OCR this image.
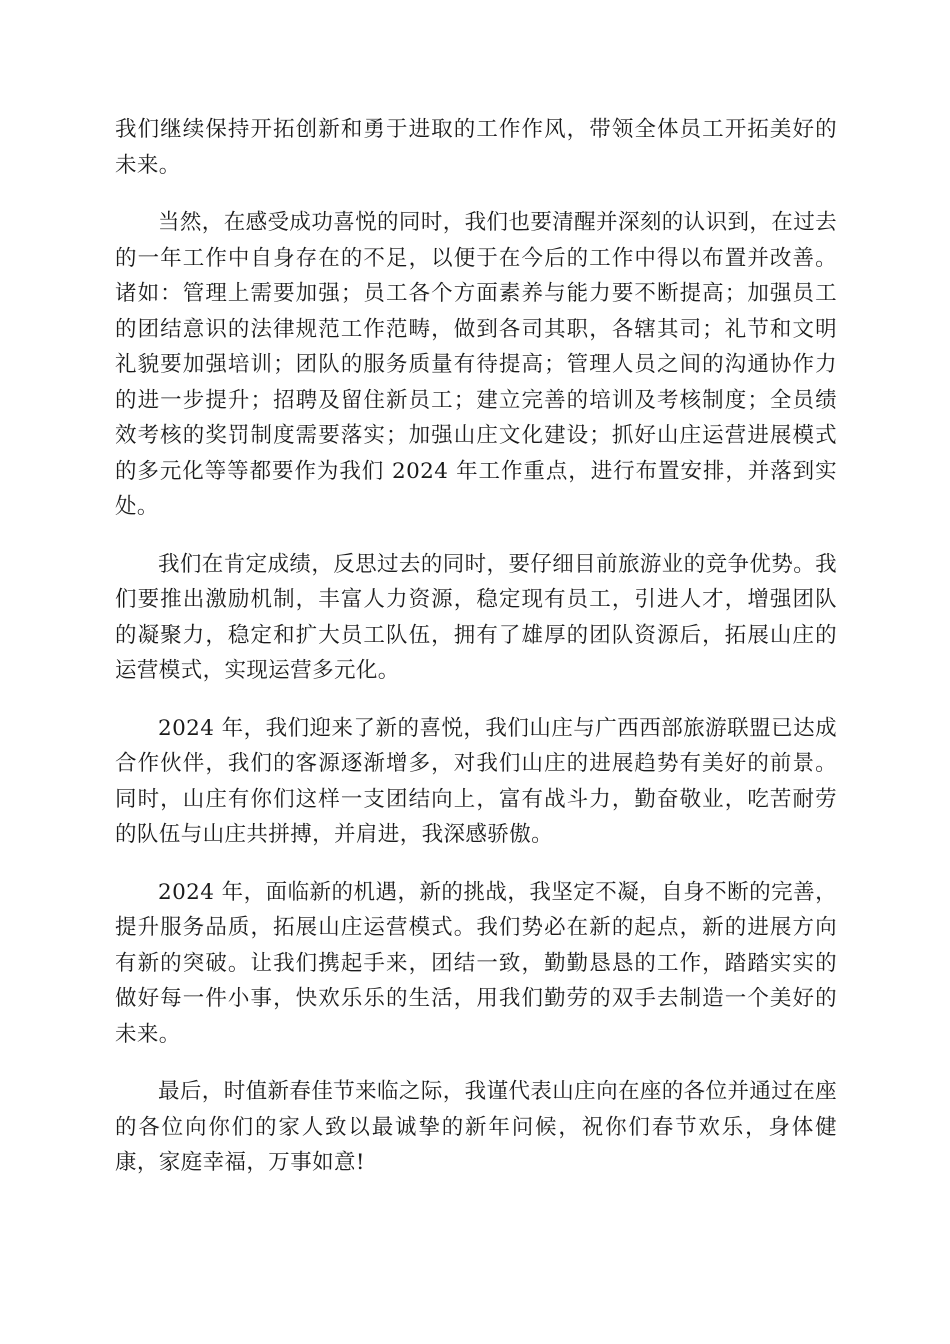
我们继续保持开拓创新和勇于进取的工作作风，带领全体员工开拓美好的未来。

当然，在感受成功喜悦的同时，我们也要清醒并深刻的认识到，在过去的一年工作中自身存在的不足，以便于在今后的工作中得以布置并改善。诸如：管理上需要加强；员工各个方面素养与能力要不断提高；加强员工的团结意识的法律规范工作范畴，做到各司其职，各辖其司；礼节和文明礼貌要加强培训；团队的服务质量有待提高；管理人员之间的沟通协作力的进一步提升；招聘及留住新员工；建立完善的培训及考核制度；全员绩效考核的奖罚制度需要落实；加强山庄文化建设；抓好山庄运营进展模式的多元化等等都要作为我们 2024 年工作重点，进行布置安排，并落到实处。

我们在肯定成绩，反思过去的同时，要仔细目前旅游业的竞争优势。我们要推出激励机制，丰富人力资源，稳定现有员工，引进人才，增强团队的凝聚力，稳定和扩大员工队伍，拥有了雄厚的团队资源后，拓展山庄的运营模式，实现运营多元化。

2024 年，我们迎来了新的喜悦，我们山庄与广西西部旅游联盟已达成合作伙伴，我们的客源逐渐增多，对我们山庄的进展趋势有美好的前景。同时，山庄有你们这样一支团结向上，富有战斗力，勤奋敬业，吃苦耐劳的队伍与山庄共拼搏，并肩进，我深感骄傲。

2024 年，面临新的机遇，新的挑战，我坚定不凝，自身不断的完善，提升服务品质，拓展山庄运营模式。我们势必在新的起点，新的进展方向有新的突破。让我们携起手来，团结一致，勤勤恳恳的工作，踏踏实实的做好每一件小事，快欢乐乐的生活，用我们勤劳的双手去制造一个美好的未来。

最后，时值新春佳节来临之际，我谨代表山庄向在座的各位并通过在座的各位向你们的家人致以最诚挚的新年问候，祝你们春节欢乐，身体健康，家庭幸福，万事如意!
